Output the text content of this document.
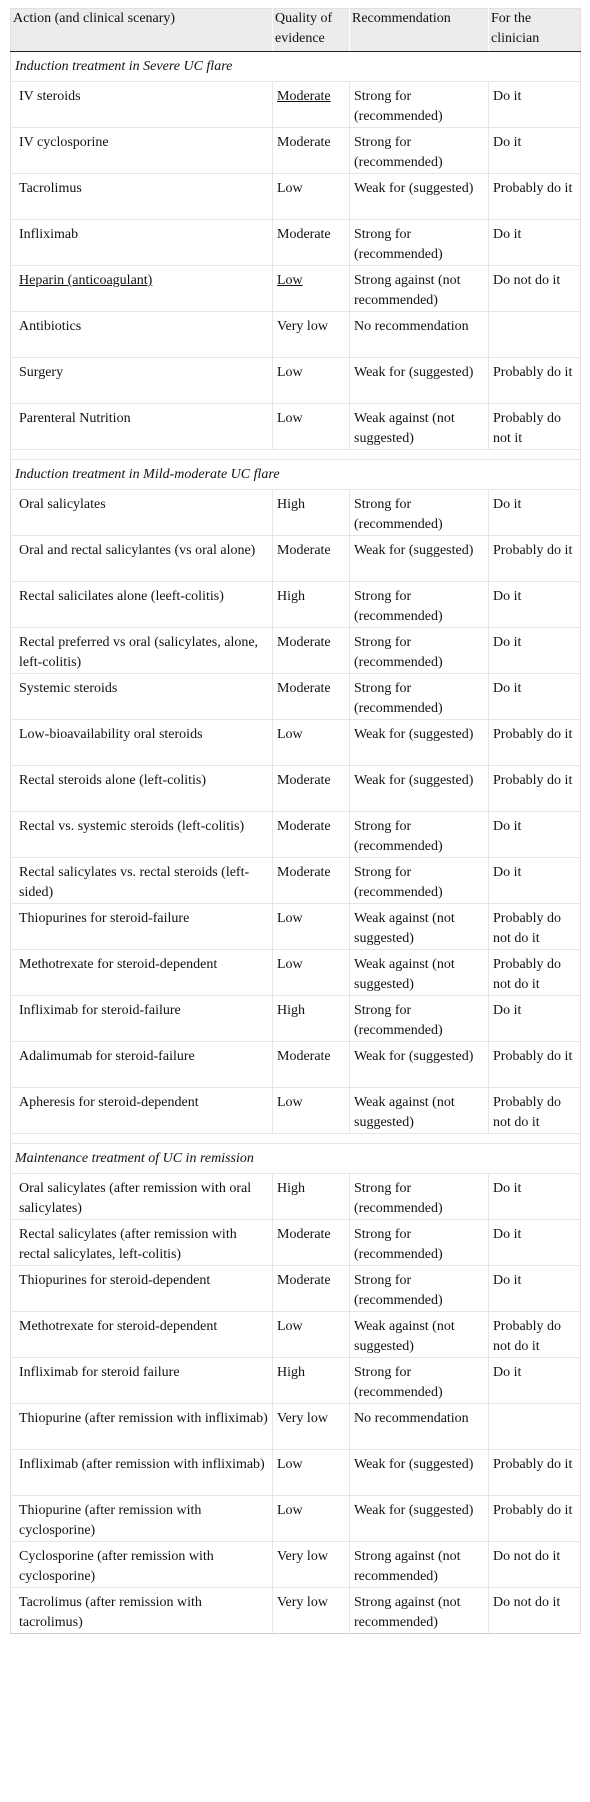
Action (and clinical scenary)	Quality of evidence	Recommendation	For the clinician
Induction treatment in Severe UC flare			
IV steroids	Moderate	Strong for (recommended)	Do it
IV cyclosporine	Moderate	Strong for (recommended)	Do it
Tacrolimus	Low	Weak for (suggested)	Probably do it
Infliximab	Moderate	Strong for (recommended)	Do it
Heparin (anticoagulant)	Low	Strong against (not recommended)	Do not do it
Antibiotics	Very low	No recommendation	
Surgery	Low	Weak for (suggested)	Probably do it
Parenteral Nutrition	Low	Weak against (not suggested)	Probably do not it

Induction treatment in Mild-moderate UC flare			
Oral salicylates	High	Strong for (recommended)	Do it
Oral and rectal salicylantes (vs oral alone)	Moderate	Weak for (suggested)	Probably do it
Rectal salicilates alone (leeft-colitis)	High	Strong for (recommended)	Do it
Rectal preferred vs oral (salicylates, alone, left-colitis)	Moderate	Strong for (recommended)	Do it
Systemic steroids	Moderate	Strong for (recommended)	Do it
Low-bioavailability oral steroids	Low	Weak for (suggested)	Probably do it
Rectal steroids alone (left-colitis)	Moderate	Weak for (suggested)	Probably do it
Rectal vs. systemic steroids (left-colitis)	Moderate	Strong for (recommended)	Do it
Rectal salicylates vs. rectal steroids (left-sided)	Moderate	Strong for (recommended)	Do it
Thiopurines for steroid-failure	Low	Weak against (not suggested)	Probably do not do it
Methotrexate for steroid-dependent	Low	Weak against (not suggested)	Probably do not do it
Infliximab for steroid-failure	High	Strong for (recommended)	Do it
Adalimumab for steroid-failure	Moderate	Weak for (suggested)	Probably do it
Apheresis for steroid-dependent	Low	Weak against (not suggested)	Probably do not do it

Maintenance treatment of UC in remission			
Oral salicylates (after remission with oral salicylates)	High	Strong for (recommended)	Do it
Rectal salicylates (after remission with rectal salicylates, left-colitis)	Moderate	Strong for (recommended)	Do it
Thiopurines for steroid-dependent	Moderate	Strong for (recommended)	Do it
Methotrexate for steroid-dependent	Low	Weak against (not suggested)	Probably do not do it
Infliximab for steroid failure	High	Strong for (recommended)	Do it
Thiopurine (after remission with infliximab)	Very low	No recommendation	
Infliximab (after remission with infliximab)	Low	Weak for (suggested)	Probably do it
Thiopurine (after remission with cyclosporine)	Low	Weak for (suggested)	Probably do it
Cyclosporine (after remission with cyclosporine)	Very low	Strong against (not recommended)	Do not do it
Tacrolimus (after remission with tacrolimus)	Very low	Strong against (not recommended)	Do not do it
